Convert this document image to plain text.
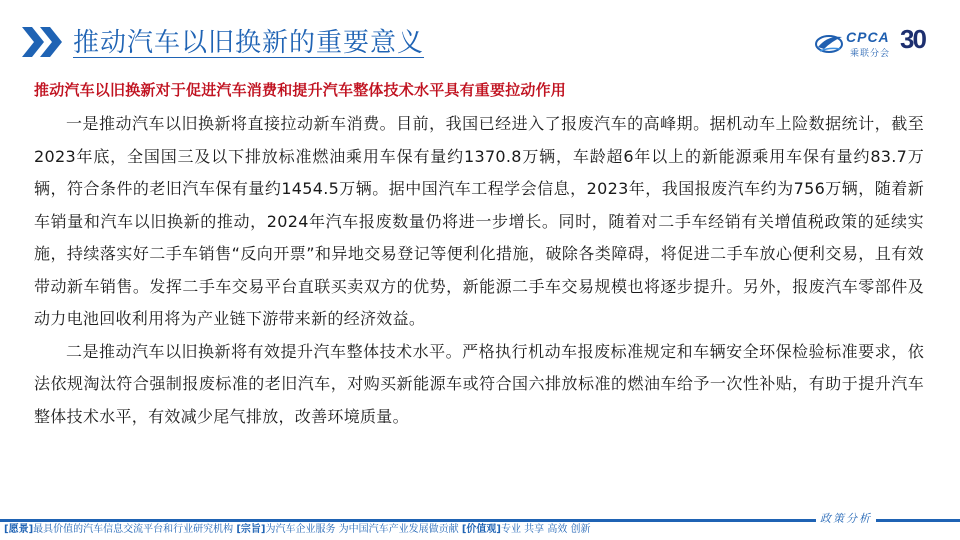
推动汽车以旧换新的重要意义	CPCA
乘联分会 30
推动汽车以旧换新对于促进汽车消费和提升汽车整体技术水平具有重要拉动作用

一是推动汽车以旧换新将直接拉动新车消费。目前，我国已经进入了报废汽车的高峰期。据机动车上险数据统计，截至2023年底，全国国三及以下排放标准燃油乘用车保有量约1370.8万辆，车龄超6年以上的新能源乘用车保有量约83.7万辆，符合条件的老旧汽车保有量约1454.5万辆。据中国汽车工程学会信息，2023年，我国报废汽车约为756万辆，随着新车销量和汽车以旧换新的推动，2024年汽车报废数量仍将进一步增长。同时，随着对二手车经销有关增值税政策的延续实施，持续落实好二手车销售“反向开票”和异地交易登记等便利化措施，破除各类障碍，将促进二手车放心便利交易，且有效带动新车销售。发挥二手车交易平台直联买卖双方的优势，新能源二手车交易规模也将逐步提升。另外，报废汽车零部件及动力电池回收利用将为产业链下游带来新的经济效益。

二是推动汽车以旧换新将有效提升汽车整体技术水平。严格执行机动车报废标准规定和车辆安全环保检验标准要求，依法依规淘汰符合强制报废标准的老旧汽车，对购买新能源车或符合国六排放标准的燃油车给予一次性补贴，有助于提升汽车整体技术水平，有效减少尾气排放，改善环境质量。

政策分析
[愿景]最具价值的汽车信息交流平台和行业研究机构 [宗旨]为汽车企业服务 为中国汽车产业发展做贡献 [价值观]专业 共享 高效 创新
